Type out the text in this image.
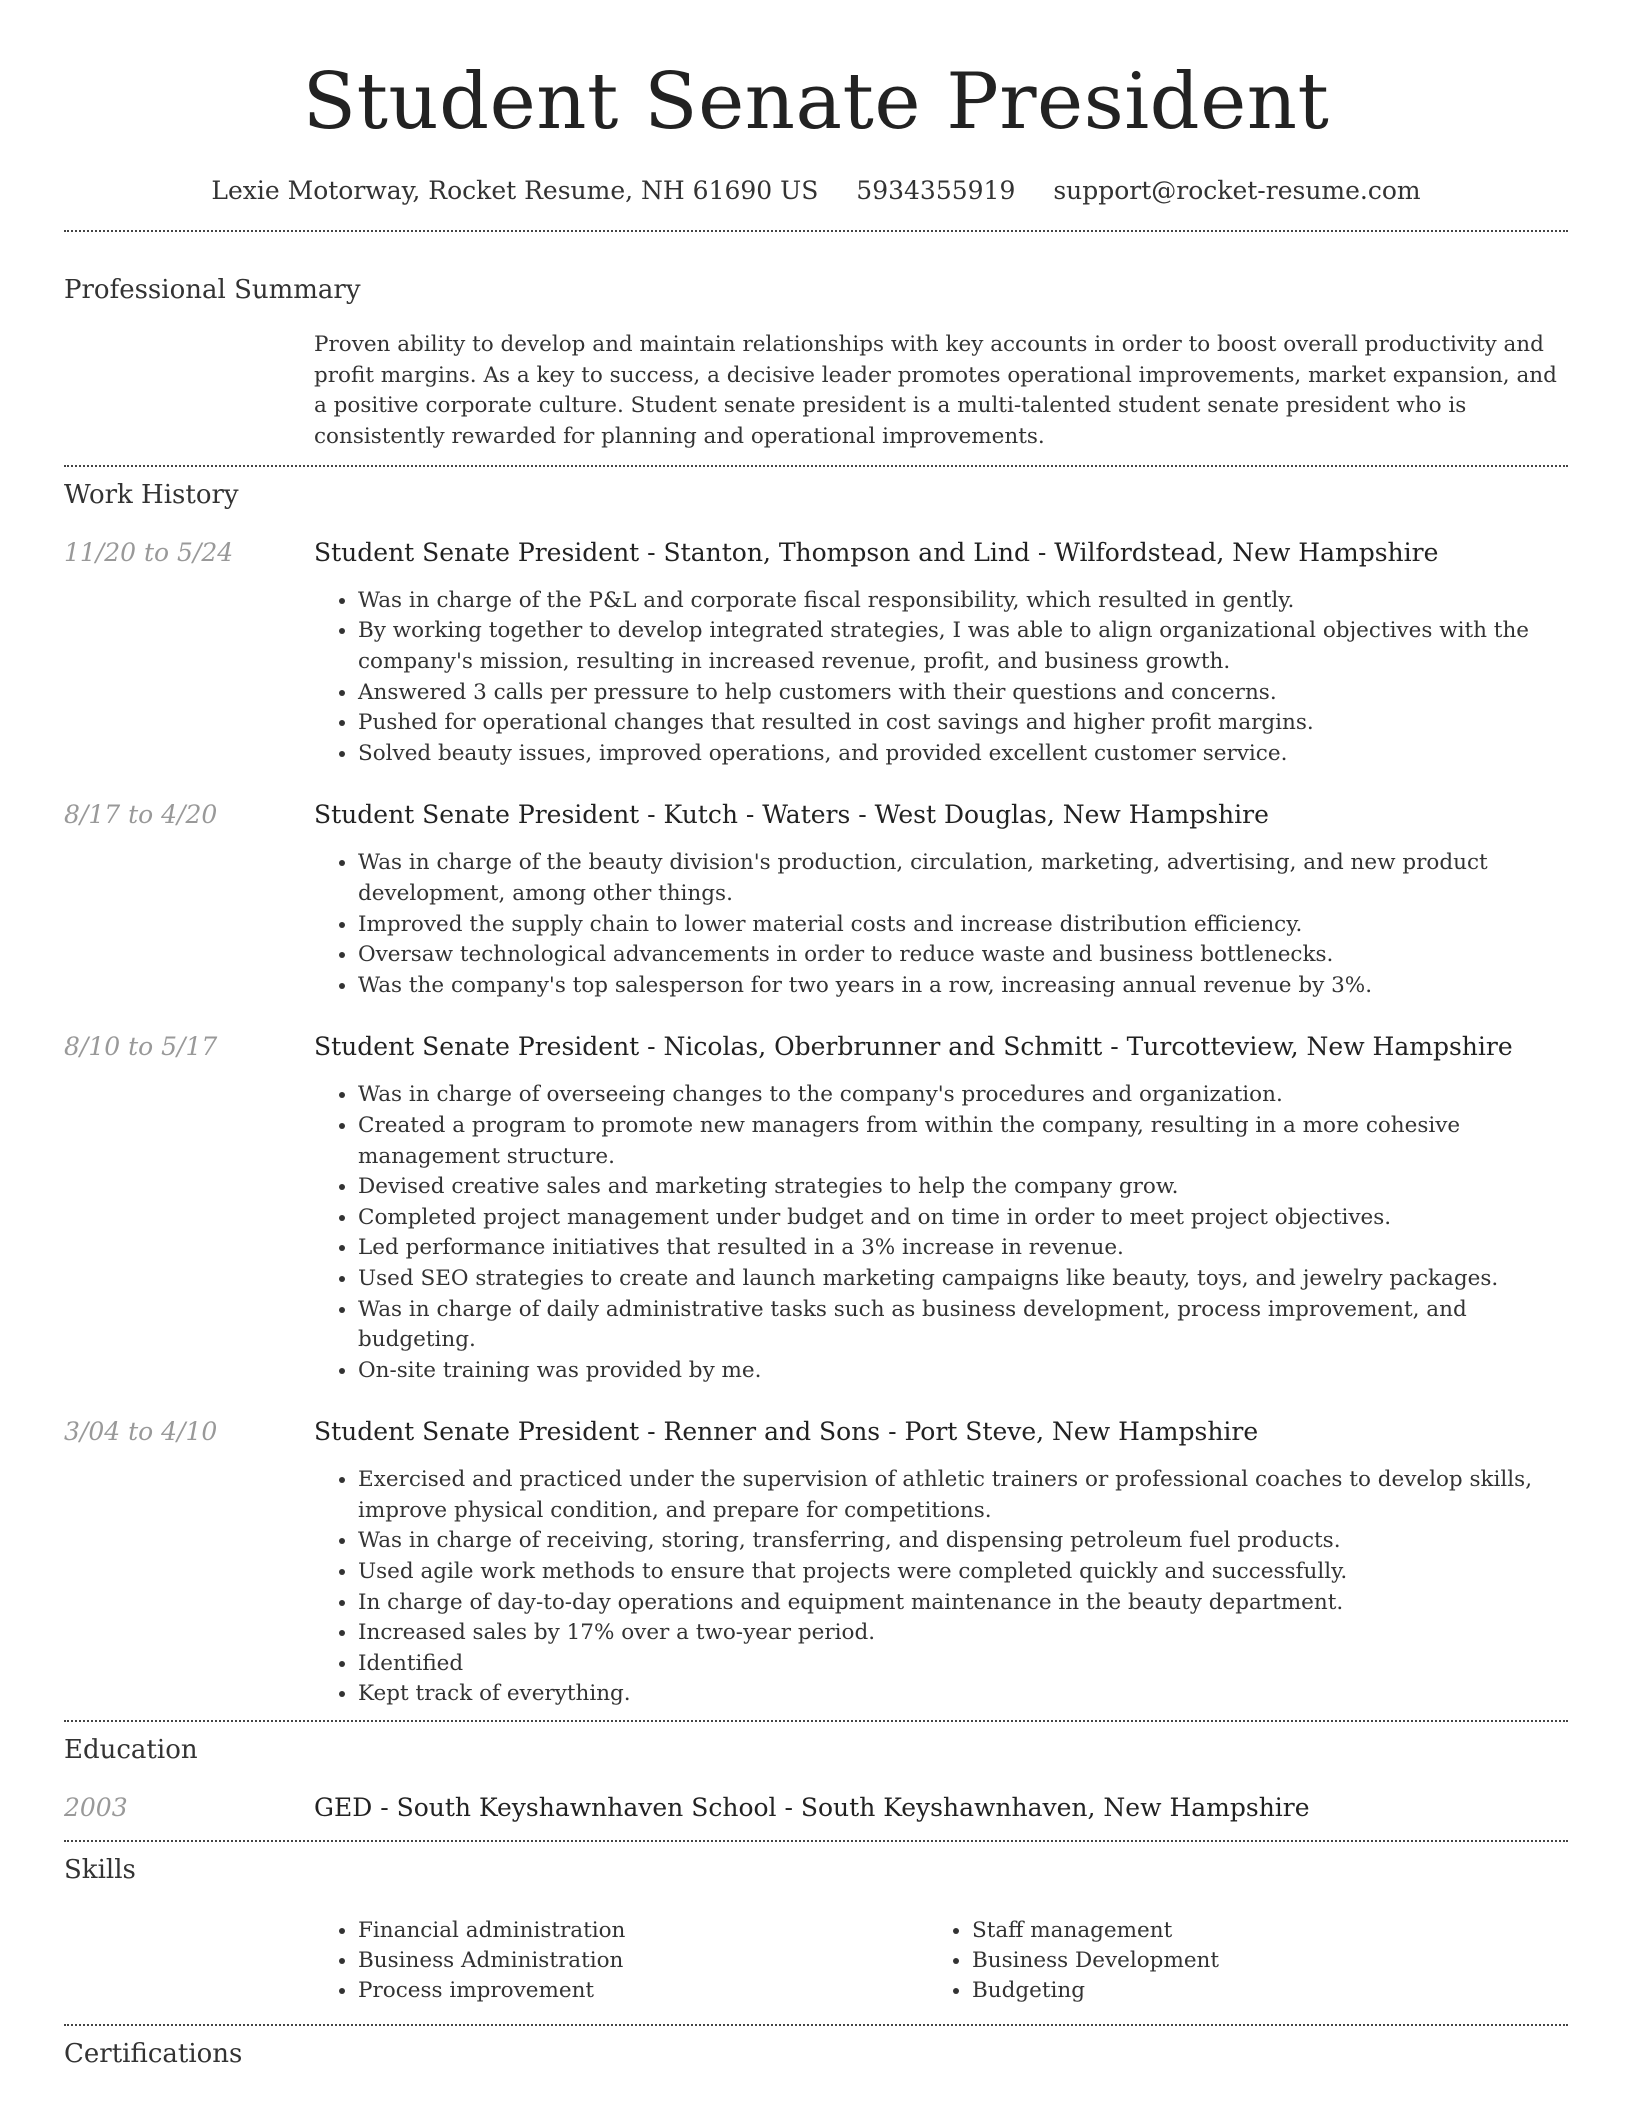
Student Senate President
Lexie Motorway, Rocket Resume, NH 61690 US 5934355919 support@rocket-resume.com
Professional Summary
Proven ability to develop and maintain relationships with key accounts in order to boost overall productivity and profit margins. As a key to success, a decisive leader promotes operational improvements, market expansion, and a positive corporate culture. Student senate president is a multi-talented student senate president who is consistently rewarded for planning and operational improvements.
Work History
11/20 to 5/24	Student Senate President - Stanton, Thompson and Lind - Wilfordstead, New Hampshire
• Was in charge of the P&L and corporate fiscal responsibility, which resulted in gently.
• By working together to develop integrated strategies, I was able to align organizational objectives with the company's mission, resulting in increased revenue, profit, and business growth.
• Answered 3 calls per pressure to help customers with their questions and concerns.
• Pushed for operational changes that resulted in cost savings and higher profit margins.
• Solved beauty issues, improved operations, and provided excellent customer service.
8/17 to 4/20	Student Senate President - Kutch - Waters - West Douglas, New Hampshire
• Was in charge of the beauty division's production, circulation, marketing, advertising, and new product development, among other things.
• Improved the supply chain to lower material costs and increase distribution efficiency.
• Oversaw technological advancements in order to reduce waste and business bottlenecks.
• Was the company's top salesperson for two years in a row, increasing annual revenue by 3%.
8/10 to 5/17	Student Senate President - Nicolas, Oberbrunner and Schmitt - Turcotteview, New Hampshire
• Was in charge of overseeing changes to the company's procedures and organization.
• Created a program to promote new managers from within the company, resulting in a more cohesive management structure.
• Devised creative sales and marketing strategies to help the company grow.
• Completed project management under budget and on time in order to meet project objectives.
• Led performance initiatives that resulted in a 3% increase in revenue.
• Used SEO strategies to create and launch marketing campaigns like beauty, toys, and jewelry packages.
• Was in charge of daily administrative tasks such as business development, process improvement, and budgeting.
• On-site training was provided by me.
3/04 to 4/10	Student Senate President - Renner and Sons - Port Steve, New Hampshire
• Exercised and practiced under the supervision of athletic trainers or professional coaches to develop skills, improve physical condition, and prepare for competitions.
• Was in charge of receiving, storing, transferring, and dispensing petroleum fuel products.
• Used agile work methods to ensure that projects were completed quickly and successfully.
• In charge of day-to-day operations and equipment maintenance in the beauty department.
• Increased sales by 17% over a two-year period.
• Identified
• Kept track of everything.
Education
2003	GED - South Keyshawnhaven School - South Keyshawnhaven, New Hampshire
Skills
• Financial administration
• Business Administration
• Process improvement
• Staff management
• Business Development
• Budgeting
Certifications
